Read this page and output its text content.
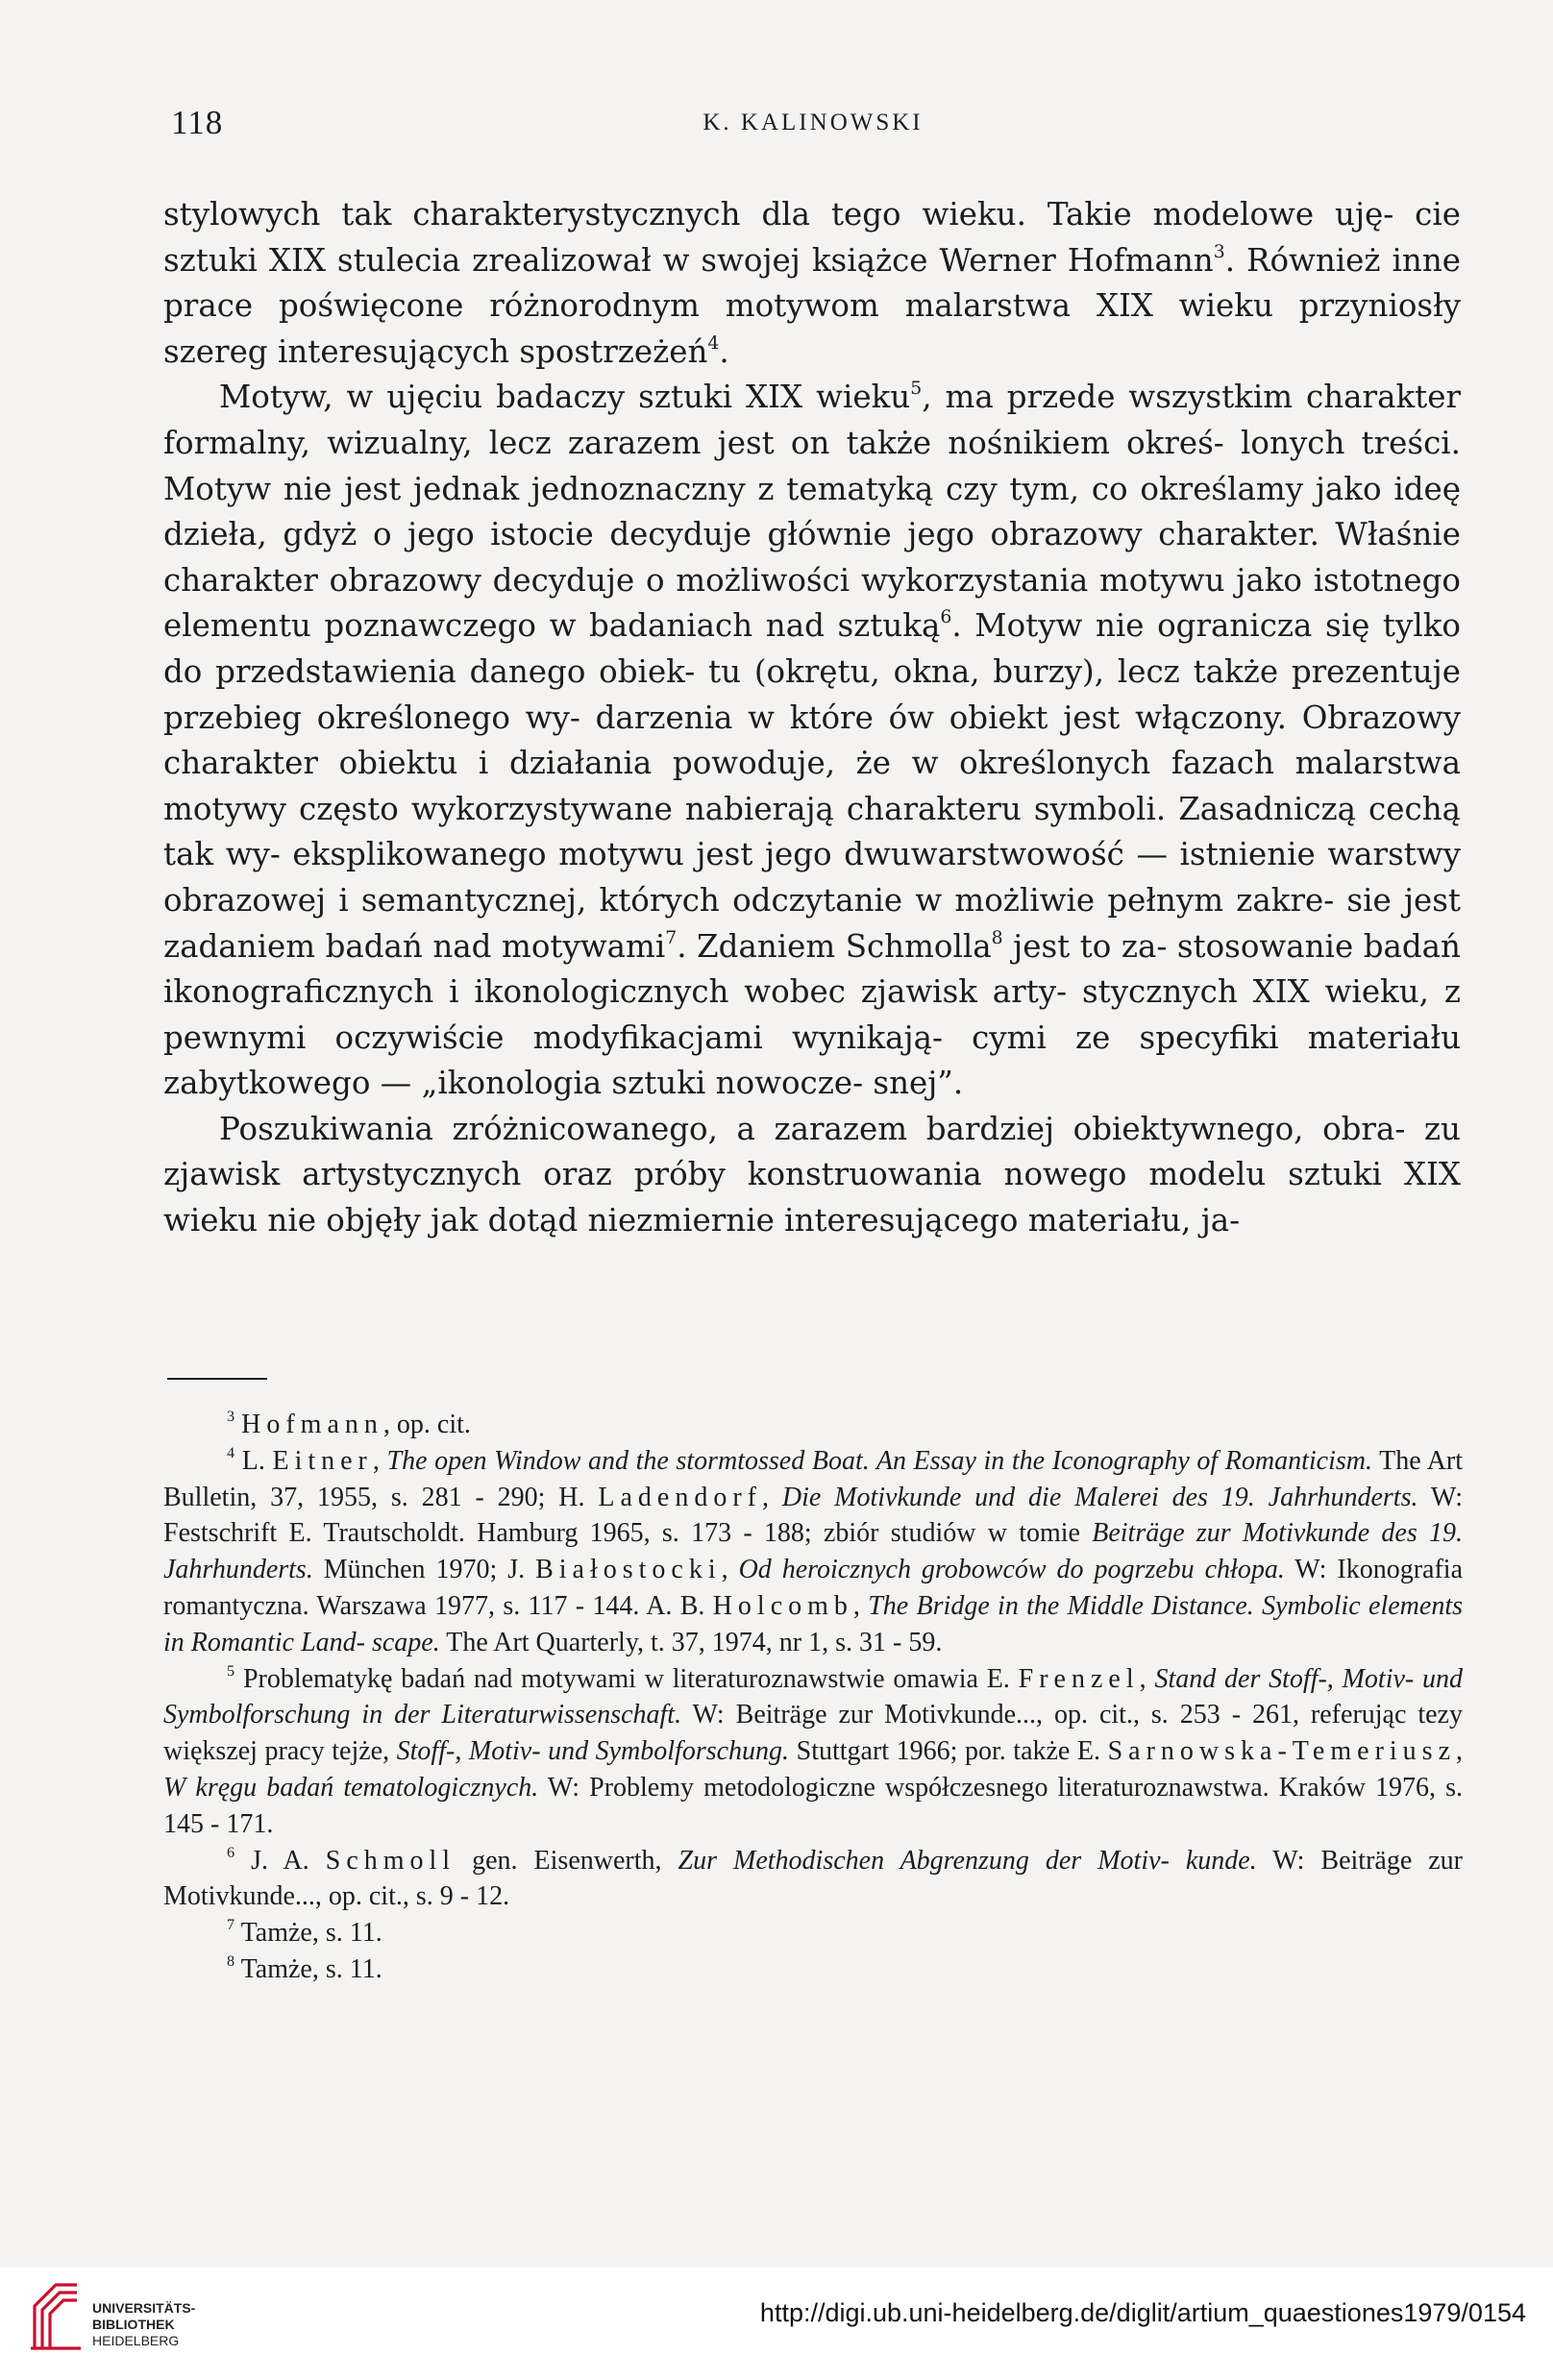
118	K. KALINOWSKI

stylowych tak charakterystycznych dla tego wieku. Takie modelowe uję- cie sztuki XIX stulecia zrealizował w swojej książce Werner Hofmann$^3$. Również inne prace poświęcone różnorodnym motywom malarstwa XIX wieku przyniosły szereg interesujących spostrzeżeń$^4$.

Motyw, w ujęciu badaczy sztuki XIX wieku$^5$, ma przede wszystkim charakter formalny, wizualny, lecz zarazem jest on także nośnikiem okreś- lonych treści. Motyw nie jest jednak jednoznaczny z tematyką czy tym, co określamy jako ideę dzieła, gdyż o jego istocie decyduje głównie jego obrazowy charakter. Właśnie charakter obrazowy decyduje o możliwości wykorzystania motywu jako istotnego elementu poznawczego w badaniach nad sztuką$^6$. Motyw nie ogranicza się tylko do przedstawienia danego obiek- tu (okrętu, okna, burzy), lecz także prezentuje przebieg określonego wy- darzenia w które ów obiekt jest włączony. Obrazowy charakter obiektu i działania powoduje, że w określonych fazach malarstwa motywy często wykorzystywane nabierają charakteru symboli. Zasadniczą cechą tak wy- eksplikowanego motywu jest jego dwuwarstwowość — istnienie warstwy obrazowej i semantycznej, których odczytanie w możliwie pełnym zakre- sie jest zadaniem badań nad motywami$^7$. Zdaniem Schmolla$^8$ jest to za- stosowanie badań ikonograficznych i ikonologicznych wobec zjawisk arty- stycznych XIX wieku, z pewnymi oczywiście modyfikacjami wynikają- cymi ze specyfiki materiału zabytkowego — „ikonologia sztuki nowocze- snej”.

Poszukiwania zróżnicowanego, a zarazem bardziej obiektywnego, obra- zu zjawisk artystycznych oraz próby konstruowania nowego modelu sztuki XIX wieku nie objęły jak dotąd niezmiernie interesującego materiału, ja-

$^3$ Hofmann, op. cit.

$^4$ L. Eitner, The open Window and the stormtossed Boat. An Essay in the Iconography of Romanticism. The Art Bulletin, 37, 1955, s. 281 - 290; H. Ladendorf, Die Motivkunde und die Malerei des 19. Jahrhunderts. W: Festschrift E. Trautscholdt. Hamburg 1965, s. 173 - 188; zbiór studiów w tomie Beiträge zur Motivkunde des 19. Jahrhunderts. München 1970; J. Białostocki, Od heroicznych grobowców do pogrzebu chłopa. W: Ikonografia romantyczna. Warszawa 1977, s. 117 - 144. A. B. Holcomb, The Bridge in the Middle Distance. Symbolic elements in Romantic Land- scape. The Art Quarterly, t. 37, 1974, nr 1, s. 31 - 59.

$^5$ Problematykę badań nad motywami w literaturoznawstwie omawia E. Frenzel, Stand der Stoff-, Motiv- und Symbolforschung in der Literaturwissenschaft. W: Beiträge zur Motivkunde..., op. cit., s. 253 - 261, referując tezy większej pracy tejże, Stoff-, Motiv- und Symbolforschung. Stuttgart 1966; por. także E. Sarnowska-Temeriusz, W kręgu badań tematologicznych. W: Problemy metodologiczne współczesnego literaturoznawstwa. Kraków 1976, s. 145 - 171.

$^6$ J. A. Schmoll gen. Eisenwerth, Zur Methodischen Abgrenzung der Motiv- kunde. W: Beiträge zur Motivkunde..., op. cit., s. 9 - 12.

$^7$ Tamże, s. 11.

$^8$ Tamże, s. 11.

UNIVERSITÄTS-
BIBLIOTHEK
HEIDELBERG
http://digi.ub.uni-heidelberg.de/diglit/artium_quaestiones1979/0154
